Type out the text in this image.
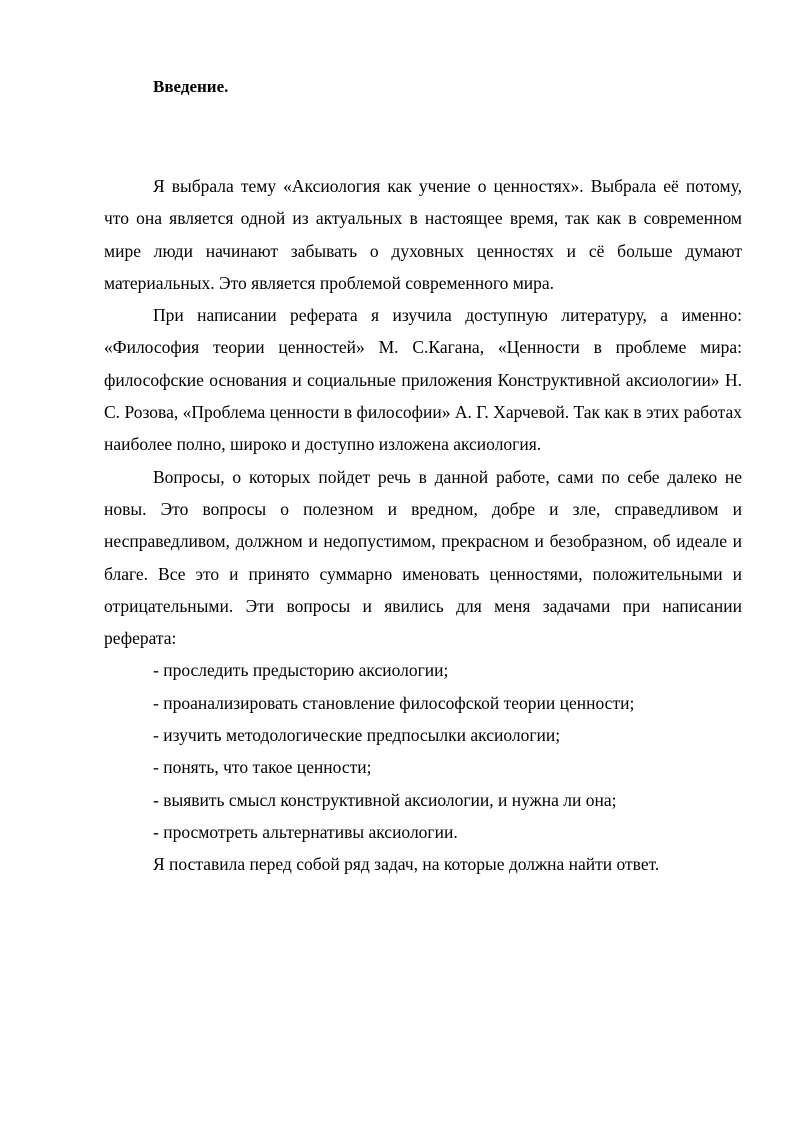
Введение.

Я выбрала тему «Аксиология как учение о ценностях». Выбрала её потому, что она является одной из актуальных в настоящее время, так как в современном мире люди начинают забывать о духовных ценностях и сё больше думают материальных. Это является проблемой современного мира.

При написании реферата я изучила доступную литературу, а именно: «Философия теории ценностей» М. С.Кагана, «Ценности в проблеме мира: философские основания и социальные приложения Конструктивной аксиологии» Н. С. Розова, «Проблема ценности в философии» А. Г. Харчевой. Так как в этих работах наиболее полно, широко и доступно изложена аксиология.

Вопросы, о которых пойдет речь в данной работе, сами по себе далеко не новы. Это вопросы о полезном и вредном, добре и зле, справедливом и несправедливом, должном и недопустимом, прекрасном и безобразном, об идеале и благе. Все это и принято суммарно именовать ценностями, положительными и отрицательными. Эти вопросы и явились для меня задачами при написании реферата:

- проследить предысторию аксиологии;
- проанализировать становление философской теории ценности;
- изучить методологические предпосылки аксиологии;
- понять, что такое ценности;
- выявить смысл конструктивной аксиологии, и нужна ли она;
- просмотреть альтернативы аксиологии.

Я поставила перед собой ряд задач, на которые должна найти ответ.
